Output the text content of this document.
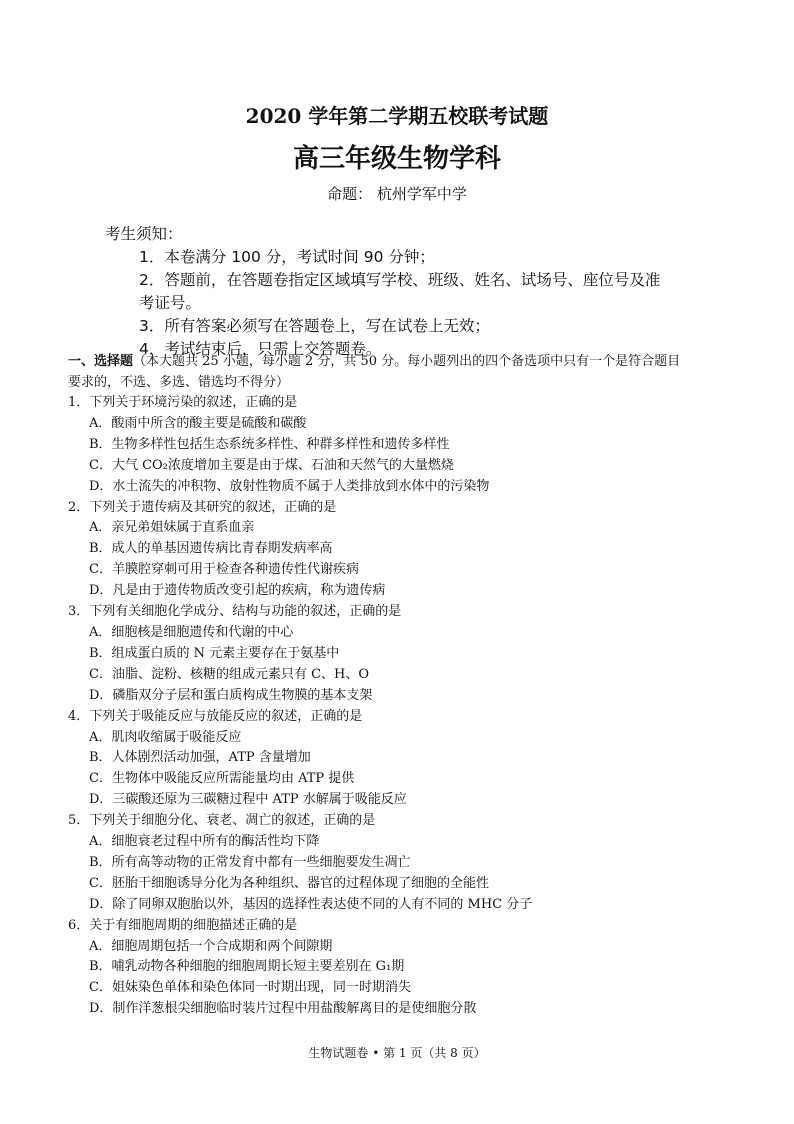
2020 学年第二学期五校联考试题
高三年级生物学科
命题： 杭州学军中学
考生须知：
1．本卷满分 100 分，考试时间 90 分钟；
2．答题前，在答题卷指定区域填写学校、班级、姓名、试场号、座位号及准
考证号。
3．所有答案必须写在答题卷上，写在试卷上无效；
4．考试结束后，只需上交答题卷。
一、选择题（本大题共 25 小题，每小题 2 分，共 50 分。每小题列出的四个备选项中只有一个是符合题目
要求的，不选、多选、错选均不得分）
1．下列关于环境污染的叙述，正确的是
A．酸雨中所含的酸主要是硫酸和碳酸
B．生物多样性包括生态系统多样性、种群多样性和遗传多样性
C．大气 CO₂浓度增加主要是由于煤、石油和天然气的大量燃烧
D．水土流失的冲积物、放射性物质不属于人类排放到水体中的污染物
2．下列关于遗传病及其研究的叙述，正确的是
A．亲兄弟姐妹属于直系血亲
B．成人的单基因遗传病比青春期发病率高
C．羊膜腔穿刺可用于检查各种遗传性代谢疾病
D．凡是由于遗传物质改变引起的疾病，称为遗传病
3．下列有关细胞化学成分、结构与功能的叙述，正确的是
A．细胞核是细胞遗传和代谢的中心
B．组成蛋白质的 N 元素主要存在于氨基中
C．油脂、淀粉、核糖的组成元素只有 C、H、O
D．磷脂双分子层和蛋白质构成生物膜的基本支架
4．下列关于吸能反应与放能反应的叙述，正确的是
A．肌肉收缩属于吸能反应
B．人体剧烈活动加强，ATP 含量增加
C．生物体中吸能反应所需能量均由 ATP 提供
D．三碳酸还原为三碳糖过程中 ATP 水解属于吸能反应
5．下列关于细胞分化、衰老、凋亡的叙述，正确的是
A．细胞衰老过程中所有的酶活性均下降
B．所有高等动物的正常发育中都有一些细胞要发生凋亡
C．胚胎干细胞诱导分化为各种组织、器官的过程体现了细胞的全能性
D．除了同卵双胞胎以外，基因的选择性表达使不同的人有不同的 MHC 分子
6．关于有细胞周期的细胞描述正确的是
A．细胞周期包括一个合成期和两个间隙期
B．哺乳动物各种细胞的细胞周期长短主要差别在 G₁期
C．姐妹染色单体和染色体同一时期出现，同一时期消失
D．制作洋葱根尖细胞临时装片过程中用盐酸解离目的是使细胞分散
生物试题卷 • 第 1 页（共 8 页）
